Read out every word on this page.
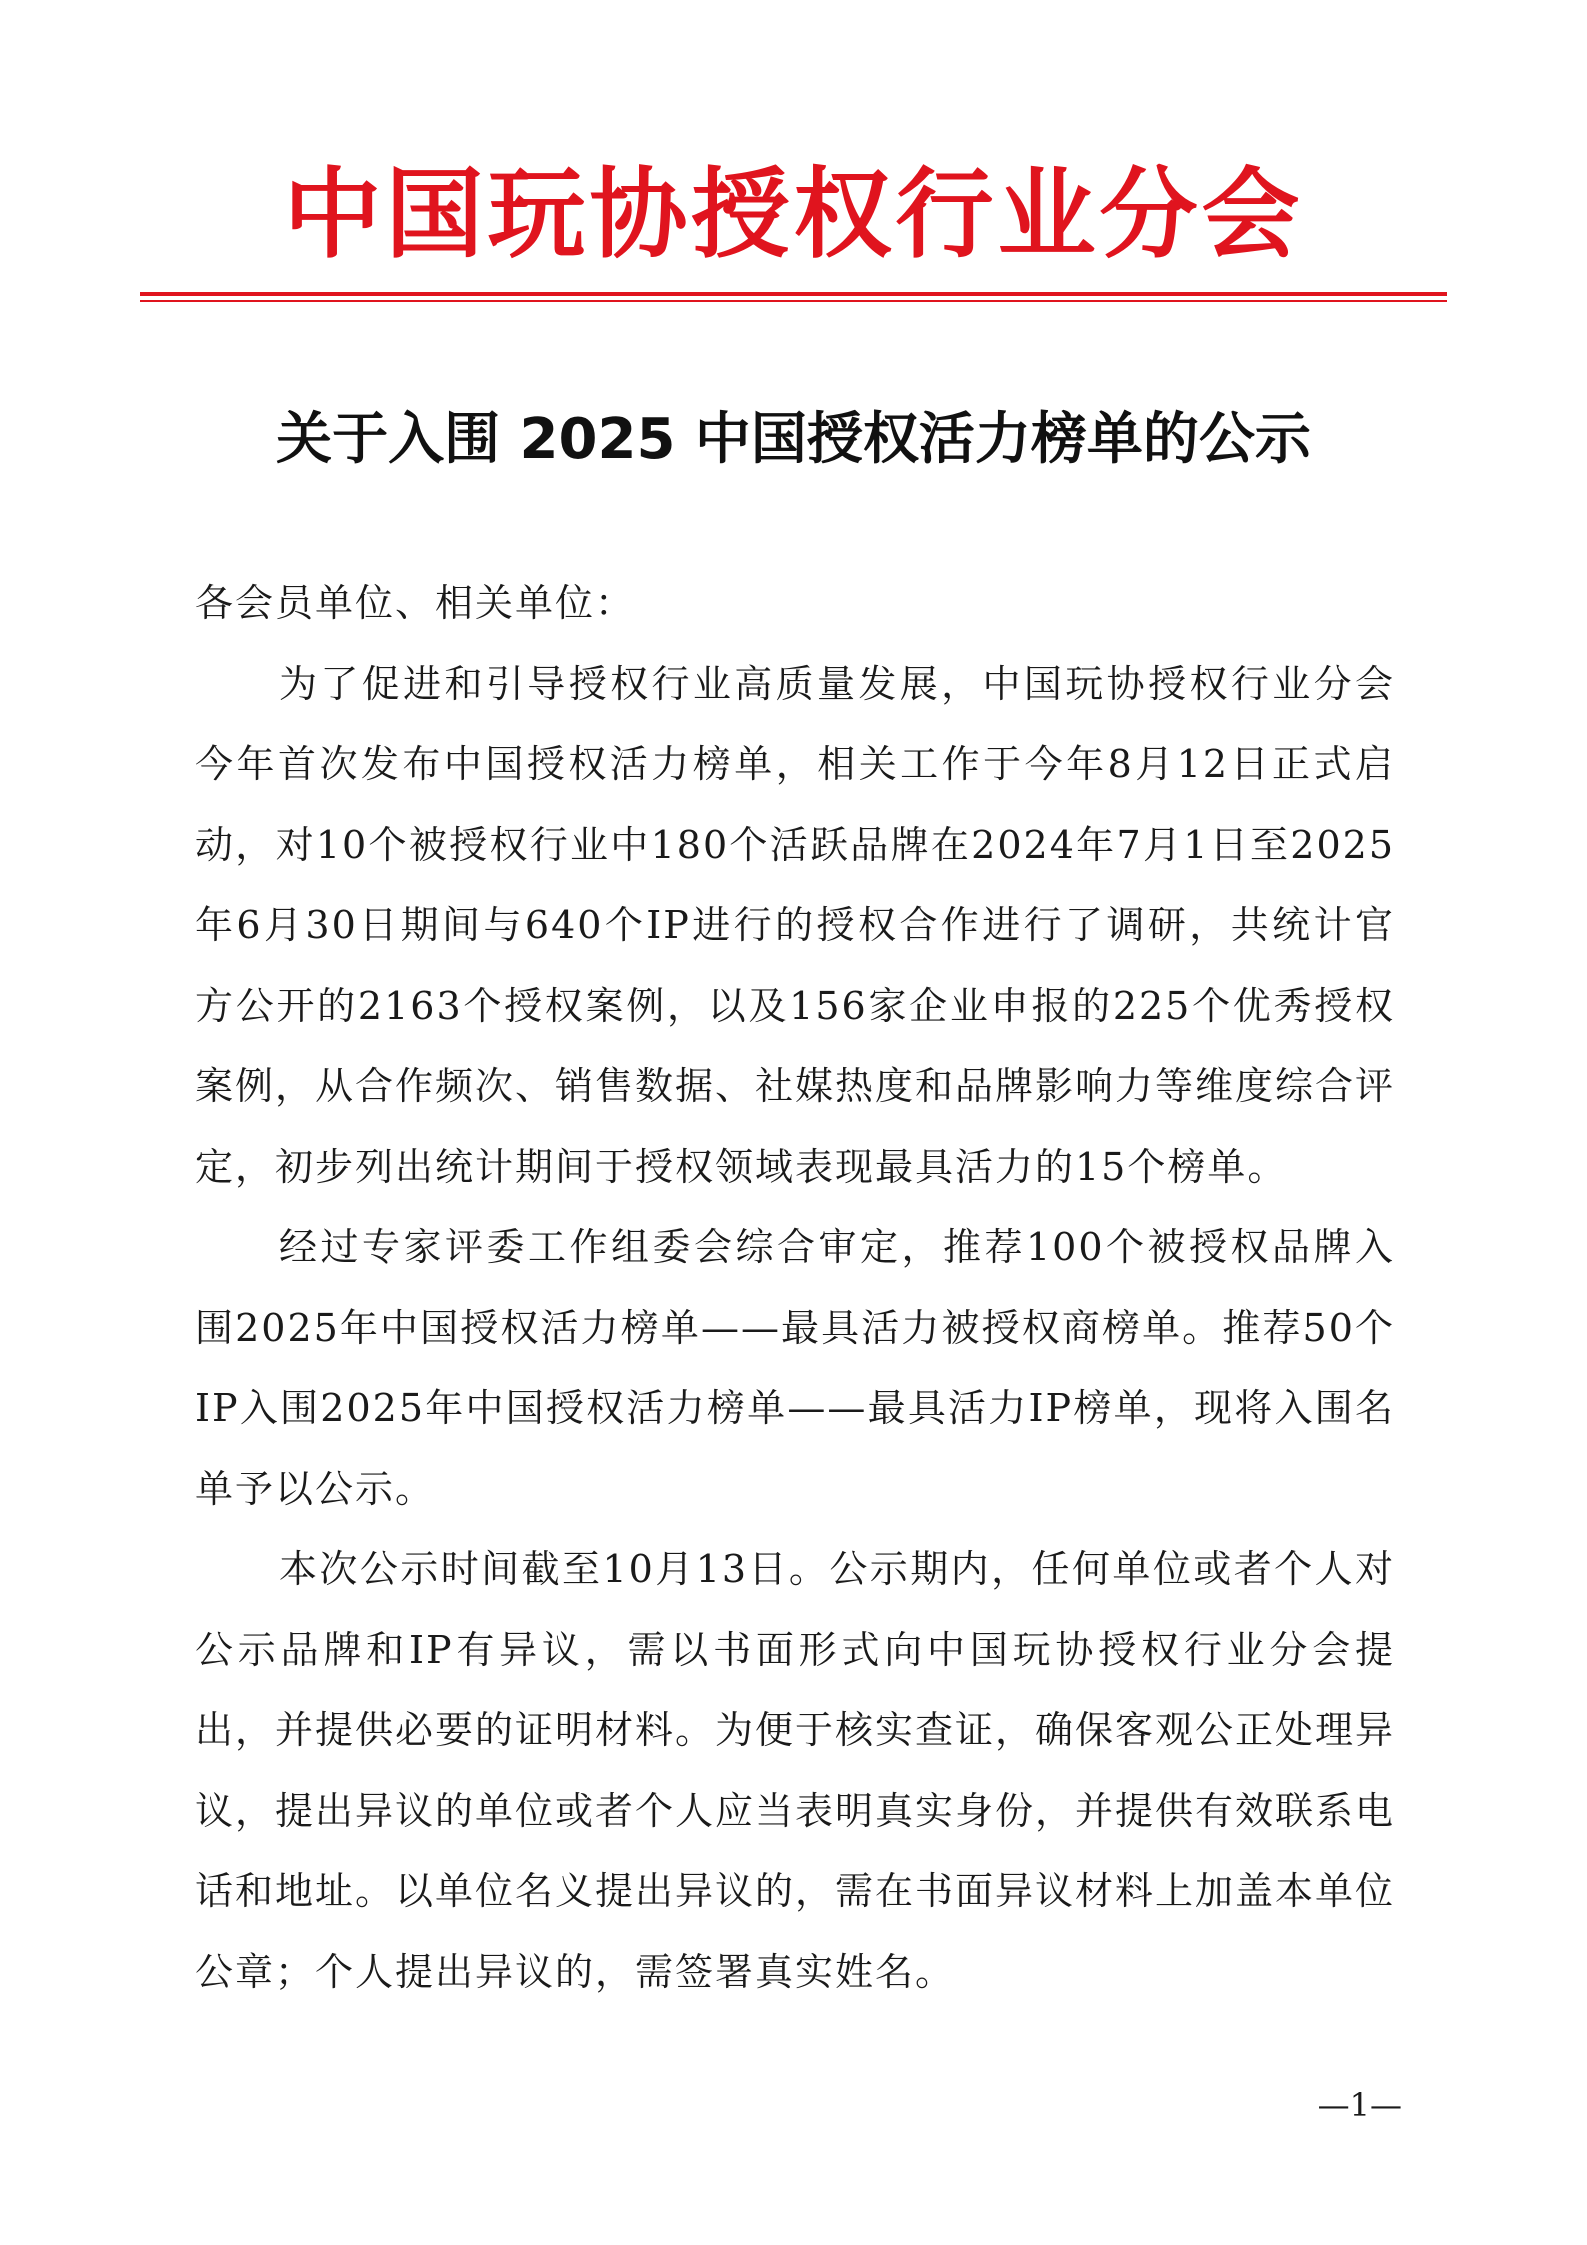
中国玩协授权行业分会
关于入围 2025 中国授权活力榜单的公示

各会员单位、相关单位：

为了促进和引导授权行业高质量发展，中国玩协授权行业分会今年首次发布中国授权活力榜单，相关工作于今年8月12日正式启动，对10个被授权行业中180个活跃品牌在2024年7月1日至2025年6月30日期间与640个IP进行的授权合作进行了调研，共统计官方公开的2163个授权案例，以及156家企业申报的225个优秀授权案例，从合作频次、销售数据、社媒热度和品牌影响力等维度综合评定，初步列出统计期间于授权领域表现最具活力的15个榜单。

经过专家评委工作组委会综合审定，推荐100个被授权品牌入围2025年中国授权活力榜单——最具活力被授权商榜单。推荐50个IP入围2025年中国授权活力榜单——最具活力IP榜单，现将入围名单予以公示。

本次公示时间截至10月13日。公示期内，任何单位或者个人对公示品牌和IP有异议，需以书面形式向中国玩协授权行业分会提出，并提供必要的证明材料。为便于核实查证，确保客观公正处理异议，提出异议的单位或者个人应当表明真实身份，并提供有效联系电话和地址。以单位名义提出异议的，需在书面异议材料上加盖本单位公章；个人提出异议的，需签署真实姓名。

—1—
